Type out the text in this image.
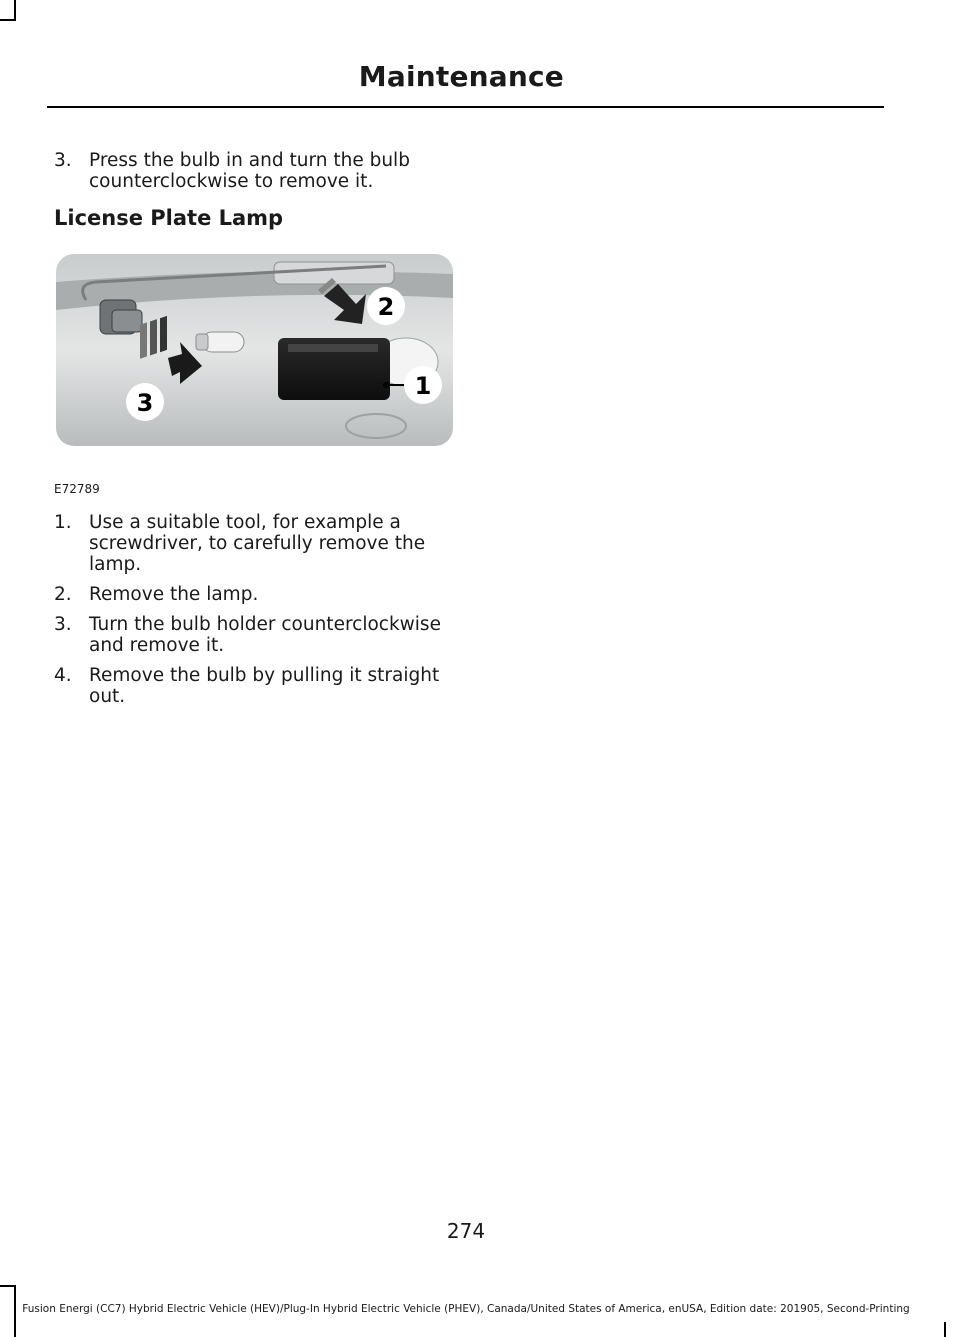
Maintenance
3. Press the bulb in and turn the bulb counterclockwise to remove it.
License Plate Lamp
1
2
3
E72789
1. Use a suitable tool, for example a screwdriver, to carefully remove the lamp.
2. Remove the lamp.
3. Turn the bulb holder counterclockwise and remove it.
4. Remove the bulb by pulling it straight out.
274
Fusion Energi (CC7) Hybrid Electric Vehicle (HEV)/Plug-In Hybrid Electric Vehicle (PHEV), Canada/United States of America, enUSA, Edition date: 201905, Second-Printing
